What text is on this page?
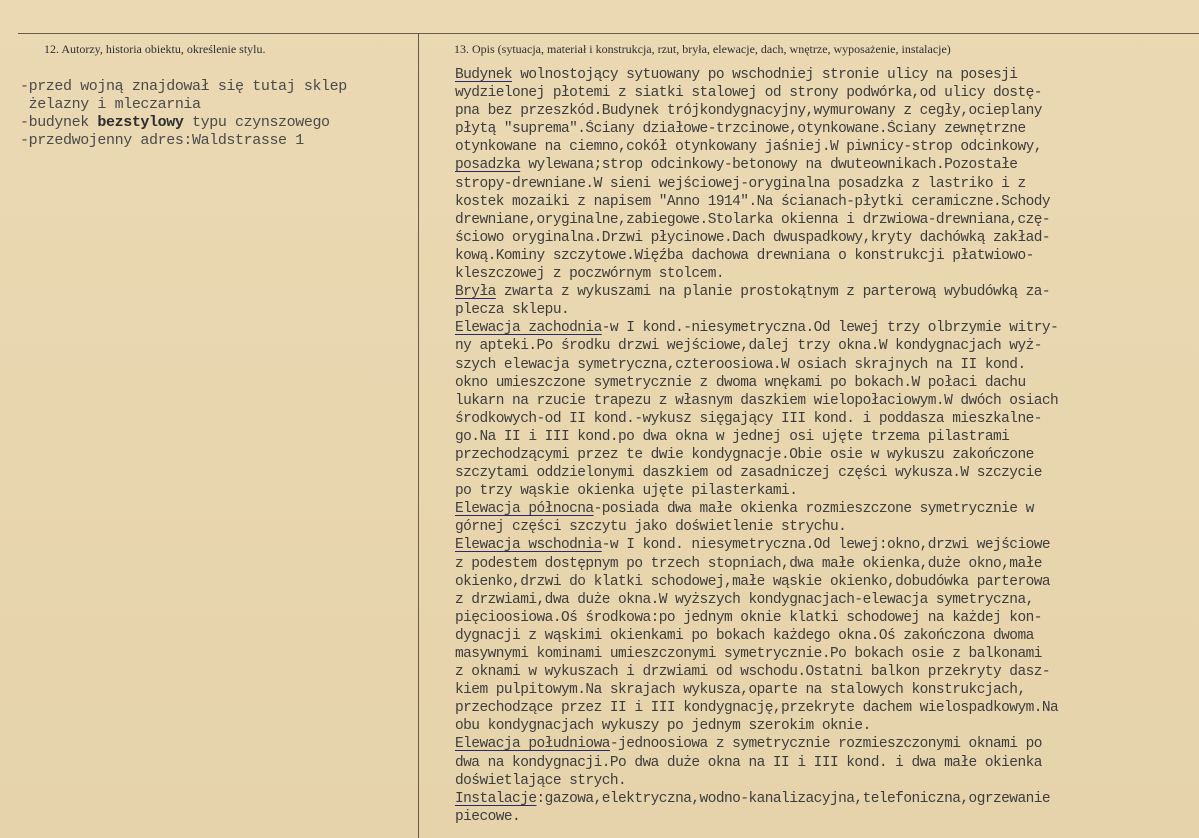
12. Autorzy, historia obiektu, określenie stylu.	13. Opis (sytuacja, materiał i konstrukcja, rzut, bryła, elewacje, dach, wnętrze, wyposażenie, instalacje)
-przed wojną znajdował się tutaj sklep
żelazny i mleczarnia
-budynek bezstylowy typu czynszowego
-przedwojenny adres:Waldstrasse 1
Budynek wolnostojący sytuowany po wschodniej stronie ulicy na posesji
wydzielonej płotemi z siatki stalowej od strony podwórka,od ulicy dostę-
pna bez przeszkód.Budynek trójkondygnacyjny,wymurowany z cegły,ocieplany
płytą "suprema".Ściany działowe-trzcinowe,otynkowane.Ściany zewnętrzne
otynkowane na ciemno,cokół otynkowany jaśniej.W piwnicy-strop odcinkowy,
posadzka wylewana;strop odcinkowy-betonowy na dwuteownikach.Pozostałe
stropy-drewniane.W sieni wejściowej-oryginalna posadzka z lastriko i z
kostek mozaiki z napisem "Anno 1914".Na ścianach-płytki ceramiczne.Schody
drewniane,oryginalne,zabiegowe.Stolarka okienna i drzwiowa-drewniana,czę-
ściowo oryginalna.Drzwi płycinowe.Dach dwuspadkowy,kryty dachówką zakład-
kową.Kominy szczytowe.Więźba dachowa drewniana o konstrukcji płatwiowo-
kleszczowej z poczwórnym stolcem.
Bryła zwarta z wykuszami na planie prostokątnym z parterową wybudówką za-
plecza sklepu.
Elewacja zachodnia-w I kond.-niesymetryczna.Od lewej trzy olbrzymie witry-
ny apteki.Po środku drzwi wejściowe,dalej trzy okna.W kondygnacjach wyż-
szych elewacja symetryczna,czteroosiowa.W osiach skrajnych na II kond.
okno umieszczone symetrycznie z dwoma wnękami po bokach.W połaci dachu
lukarn na rzucie trapezu z własnym daszkiem wielopołaciowym.W dwóch osiach
środkowych-od II kond.-wykusz sięgający III kond. i poddasza mieszkalne-
go.Na II i III kond.po dwa okna w jednej osi ujęte trzema pilastrami
przechodzącymi przez te dwie kondygnacje.Obie osie w wykuszu zakończone
szczytami oddzielonymi daszkiem od zasadniczej części wykusza.W szczycie
po trzy wąskie okienka ujęte pilasterkami.
Elewacja północna-posiada dwa małe okienka rozmieszczone symetrycznie w
górnej części szczytu jako doświetlenie strychu.
Elewacja wschodnia-w I kond. niesymetryczna.Od lewej:okno,drzwi wejściowe
z podestem dostępnym po trzech stopniach,dwa małe okienka,duże okno,małe
okienko,drzwi do klatki schodowej,małe wąskie okienko,dobudówka parterowa
z drzwiami,dwa duże okna.W wyższych kondygnacjach-elewacja symetryczna,
pięcioosiowa.Oś środkowa:po jednym oknie klatki schodowej na każdej kon-
dygnacji z wąskimi okienkami po bokach każdego okna.Oś zakończona dwoma
masywnymi kominami umieszczonymi symetrycznie.Po bokach osie z balkonami
z oknami w wykuszach i drzwiami od wschodu.Ostatni balkon przekryty dasz-
kiem pulpitowym.Na skrajach wykusza,oparte na stalowych konstrukcjach,
przechodzące przez II i III kondygnację,przekryte dachem wielospadkowym.Na
obu kondygnacjach wykuszy po jednym szerokim oknie.
Elewacja południowa-jednoosiowa z symetrycznie rozmieszczonymi oknami po
dwa na kondygnacji.Po dwa duże okna na II i III kond. i dwa małe okienka
doświetlające strych.
Instalacje:gazowa,elektryczna,wodno-kanalizacyjna,telefoniczna,ogrzewanie
piecowe.
